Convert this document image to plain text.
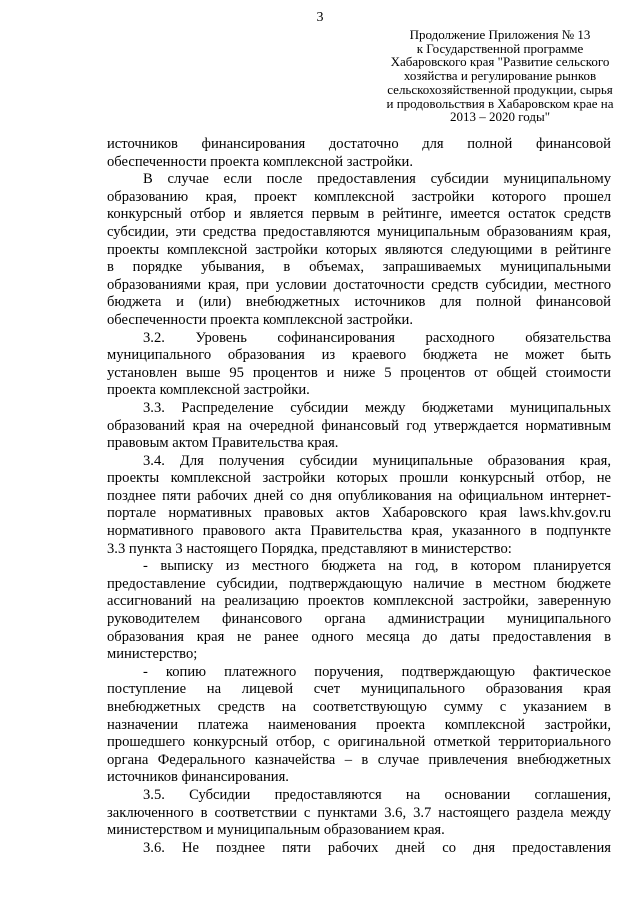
3
Продолжение Приложения № 13
к Государственной программе
Хабаровского края "Развитие сельского
хозяйства и регулирование рынков
сельскохозяйственной продукции, сырья
и продовольствия в Хабаровском крае на
2013 – 2020 годы"
источников финансирования достаточно для полной финансовой
обеспеченности проекта комплексной застройки.
В случае если после предоставления субсидии муниципальному
образованию края, проект комплексной застройки которого прошел
конкурсный отбор и является первым в рейтинге, имеется остаток средств
субсидии, эти средства предоставляются муниципальным образованиям края,
проекты комплексной застройки которых являются следующими в рейтинге
в порядке убывания, в объемах, запрашиваемых муниципальными
образованиями края, при условии достаточности средств субсидии, местного
бюджета и (или) внебюджетных источников для полной финансовой
обеспеченности проекта комплексной застройки.
3.2. Уровень софинансирования расходного обязательства
муниципального образования из краевого бюджета не может быть
установлен выше 95 процентов и ниже 5 процентов от общей стоимости
проекта комплексной застройки.
3.3. Распределение субсидии между бюджетами муниципальных
образований края на очередной финансовый год утверждается нормативным
правовым актом Правительства края.
3.4. Для получения субсидии муниципальные образования края,
проекты комплексной застройки которых прошли конкурсный отбор, не
позднее пяти рабочих дней со дня опубликования на официальном интернет-
портале нормативных правовых актов Хабаровского края laws.khv.gov.ru
нормативного правового акта Правительства края, указанного в подпункте
3.3 пункта 3 настоящего Порядка, представляют в министерство:
- выписку из местного бюджета на год, в котором планируется
предоставление субсидии, подтверждающую наличие в местном бюджете
ассигнований на реализацию проектов комплексной застройки, заверенную
руководителем финансового органа администрации муниципального
образования края не ранее одного месяца до даты предоставления в
министерство;
- копию платежного поручения, подтверждающую фактическое
поступление на лицевой счет муниципального образования края
внебюджетных средств на соответствующую сумму с указанием в
назначении платежа наименования проекта комплексной застройки,
прошедшего конкурсный отбор, с оригинальной отметкой территориального
органа Федерального казначейства – в случае привлечения внебюджетных
источников финансирования.
3.5. Субсидии предоставляются на основании соглашения,
заключенного в соответствии с пунктами 3.6, 3.7 настоящего раздела между
министерством и муниципальным образованием края.
3.6. Не позднее пяти рабочих дней со дня предоставления
